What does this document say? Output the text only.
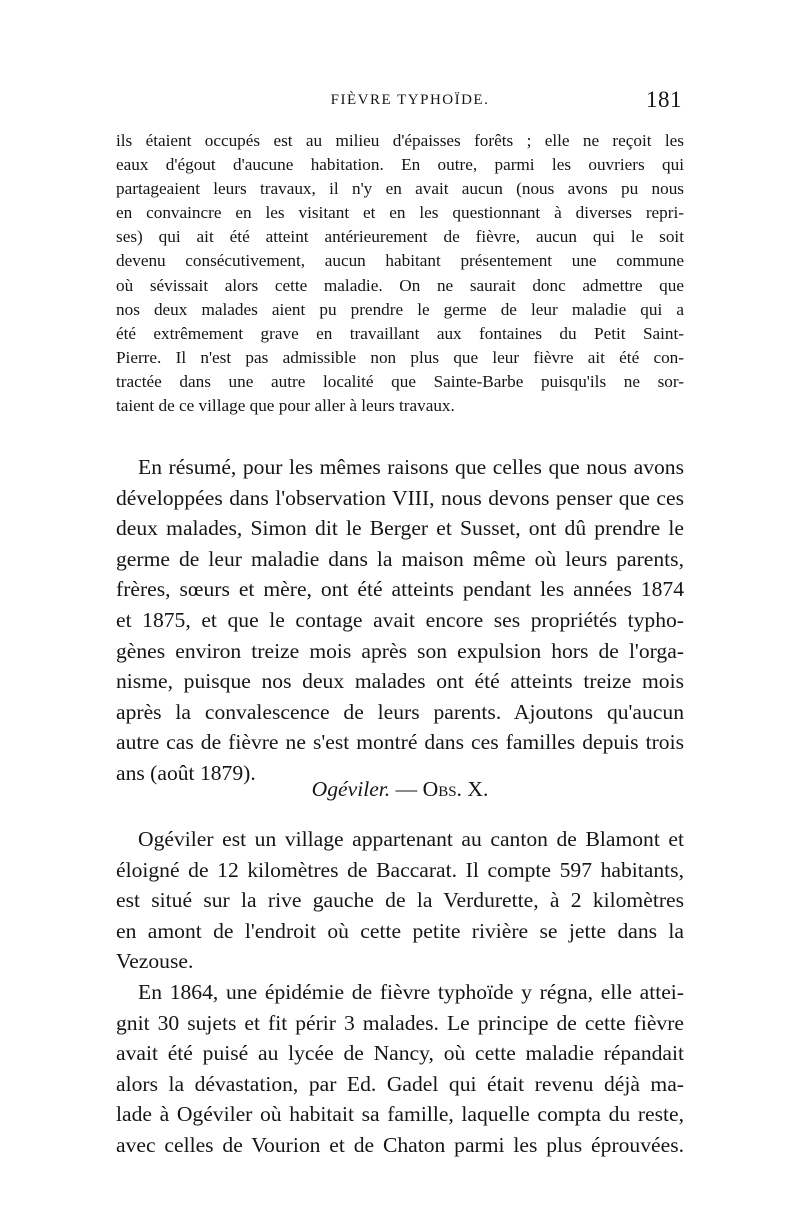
FIÈVRE TYPHOÏDE.	181
ils étaient occupés est au milieu d'épaisses forêts ; elle ne reçoit les
eaux d'égout d'aucune habitation. En outre, parmi les ouvriers qui
partageaient leurs travaux, il n'y en avait aucun (nous avons pu nous
en convaincre en les visitant et en les questionnant à diverses repri-
ses) qui ait été atteint antérieurement de fièvre, aucun qui le soit
devenu consécutivement, aucun habitant présentement une commune
où sévissait alors cette maladie. On ne saurait donc admettre que
nos deux malades aient pu prendre le germe de leur maladie qui a
été extrêmement grave en travaillant aux fontaines du Petit Saint-
Pierre. Il n'est pas admissible non plus que leur fièvre ait été con-
tractée dans une autre localité que Sainte-Barbe puisqu'ils ne sor-
taient de ce village que pour aller à leurs travaux.
En résumé, pour les mêmes raisons que celles que nous avons
développées dans l'observation VIII, nous devons penser que ces
deux malades, Simon dit le Berger et Susset, ont dû prendre le
germe de leur maladie dans la maison même où leurs parents,
frères, sœurs et mère, ont été atteints pendant les années 1874
et 1875, et que le contage avait encore ses propriétés typho-
gènes environ treize mois après son expulsion hors de l'orga-
nisme, puisque nos deux malades ont été atteints treize mois
après la convalescence de leurs parents. Ajoutons qu'aucun
autre cas de fièvre ne s'est montré dans ces familles depuis trois
ans (août 1879).
Ogéviler. — Obs. X.
Ogéviler est un village appartenant au canton de Blamont et
éloigné de 12 kilomètres de Baccarat. Il compte 597 habitants,
est situé sur la rive gauche de la Verdurette, à 2 kilomètres
en amont de l'endroit où cette petite rivière se jette dans la
Vezouse.
En 1864, une épidémie de fièvre typhoïde y régna, elle attei-
gnit 30 sujets et fit périr 3 malades. Le principe de cette fièvre
avait été puisé au lycée de Nancy, où cette maladie répandait
alors la dévastation, par Ed. Gadel qui était revenu déjà ma-
lade à Ogéviler où habitait sa famille, laquelle compta du reste,
avec celles de Vourion et de Chaton parmi les plus éprouvées.
